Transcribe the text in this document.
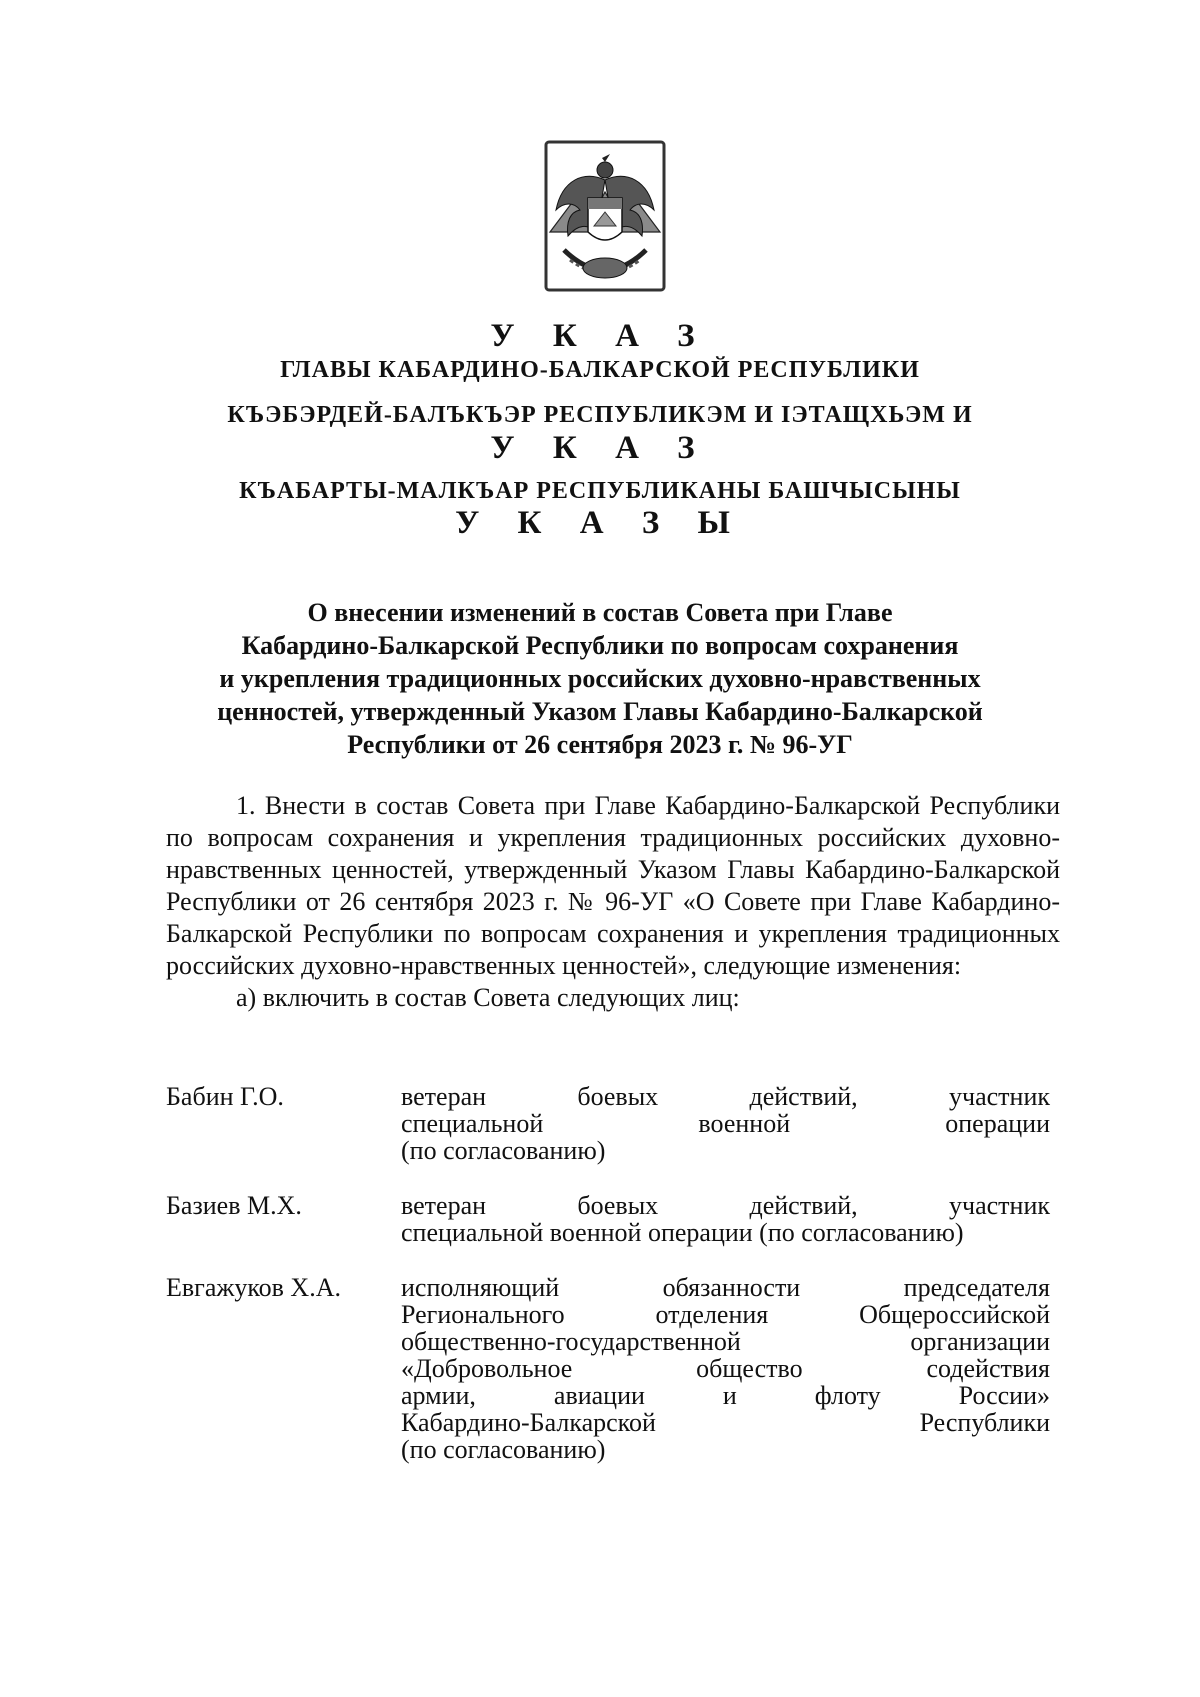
У К А З
ГЛАВЫ КАБАРДИНО-БАЛКАРСКОЙ РЕСПУБЛИКИ
КЪЭБЭРДЕЙ-БАЛЪКЪЭР РЕСПУБЛИКЭМ И IЭТАЩХЬЭМ И
У К А З
КЪАБАРТЫ-МАЛКЪАР РЕСПУБЛИКАНЫ БАШЧЫСЫНЫ
У К А З Ы
О внесении изменений в состав Совета при Главе
Кабардино-Балкарской Республики по вопросам сохранения
и укрепления традиционных российских духовно-нравственных
ценностей, утвержденный Указом Главы Кабардино-Балкарской
Республики от 26 сентября 2023 г. № 96-УГ

1. Внести в состав Совета при Главе Кабардино-Балкарской Республики по вопросам сохранения и укрепления традиционных российских духовно-нравственных ценностей, утвержденный Указом Главы Кабардино-Балкарской Республики от 26 сентября 2023 г. № 96-УГ «О Совете при Главе Кабардино-Балкарской Республики по вопросам сохранения и укрепления традиционных российских духовно-нравственных ценностей», следующие изменения:

а) включить в состав Совета следующих лиц:

Бабин Г.О.	ветеран боевых действий, участник
специальной военной операции
(по согласованию)
Базиев М.Х.	ветеран боевых действий, участник
специальной военной операции (по согласованию)
Евгажуков Х.А.	исполняющий обязанности председателя
Регионального отделения Общероссийской
общественно-государственной организации
«Добровольное общество содействия
армии, авиации и флоту России»
Кабардино-Балкарской Республики
(по согласованию)
